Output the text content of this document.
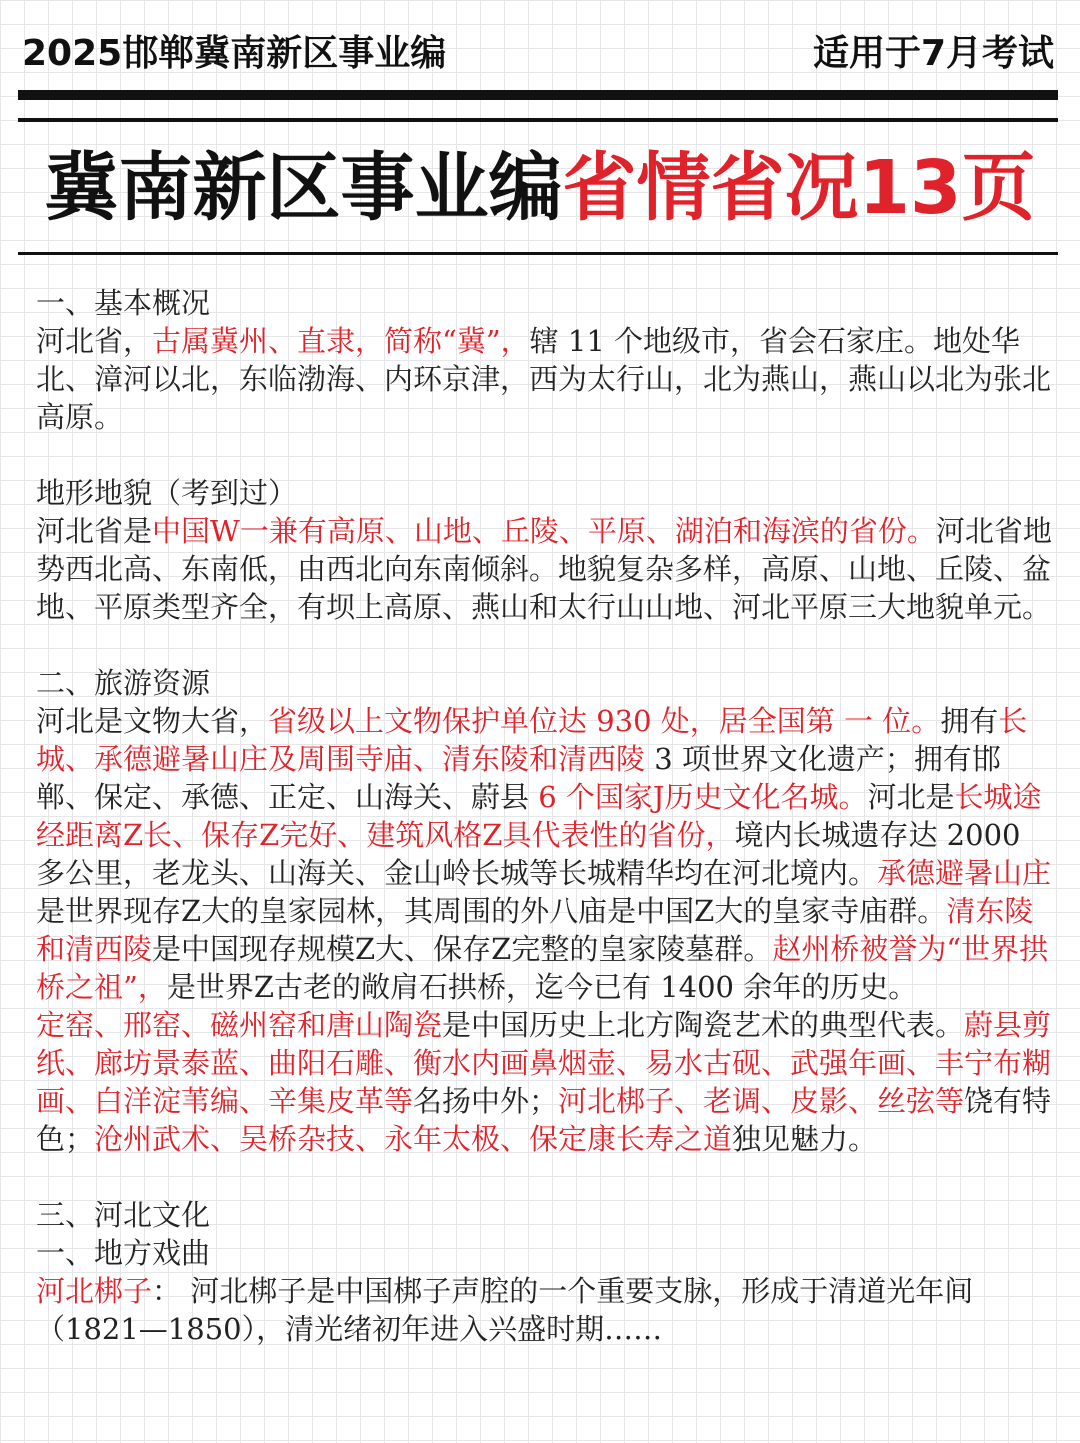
2025邯郸冀南新区事业编	适用于7月考试
冀南新区事业编省情省况13页

一、基本概况

河北省，古属冀州、直隶，简称“冀”，辖 11 个地级市，省会石家庄。地处华北、漳河以北，东临渤海、内环京津，西为太行山，北为燕山，燕山以北为张北高原。

地形地貌（考到过）

河北省是中国W一兼有高原、山地、丘陵、平原、湖泊和海滨的省份。河北省地势西北高、东南低，由西北向东南倾斜。地貌复杂多样，高原、山地、丘陵、盆地、平原类型齐全，有坝上高原、燕山和太行山山地、河北平原三大地貌单元。

二、旅游资源

河北是文物大省，省级以上文物保护单位达 930 处，居全国第 一 位。拥有长城、承德避暑山庄及周围寺庙、清东陵和清西陵 3 项世界文化遗产；拥有邯郸、保定、承德、正定、山海关、蔚县 6 个国家J历史文化名城。河北是长城途经距离Z长、保存Z完好、建筑风格Z具代表性的省份，境内长城遗存达 2000 多公里，老龙头、山海关、金山岭长城等长城精华均在河北境内。承德避暑山庄是世界现存Z大的皇家园林，其周围的外八庙是中国Z大的皇家寺庙群。清东陵和清西陵是中国现存规模Z大、保存Z完整的皇家陵墓群。赵州桥被誉为“世界拱桥之祖”，是世界Z古老的敞肩石拱桥，迄今已有 1400 余年的历史。

定窑、邢窑、磁州窑和唐山陶瓷是中国历史上北方陶瓷艺术的典型代表。蔚县剪纸、廊坊景泰蓝、曲阳石雕、衡水内画鼻烟壶、易水古砚、武强年画、丰宁布糊画、白洋淀苇编、辛集皮革等名扬中外；河北梆子、老调、皮影、丝弦等饶有特色；沧州武术、吴桥杂技、永年太极、保定康长寿之道独见魅力。

三、河北文化

一、地方戏曲

河北梆子： 河北梆子是中国梆子声腔的一个重要支脉，形成于清道光年间（1821—1850），清光绪初年进入兴盛时期……
